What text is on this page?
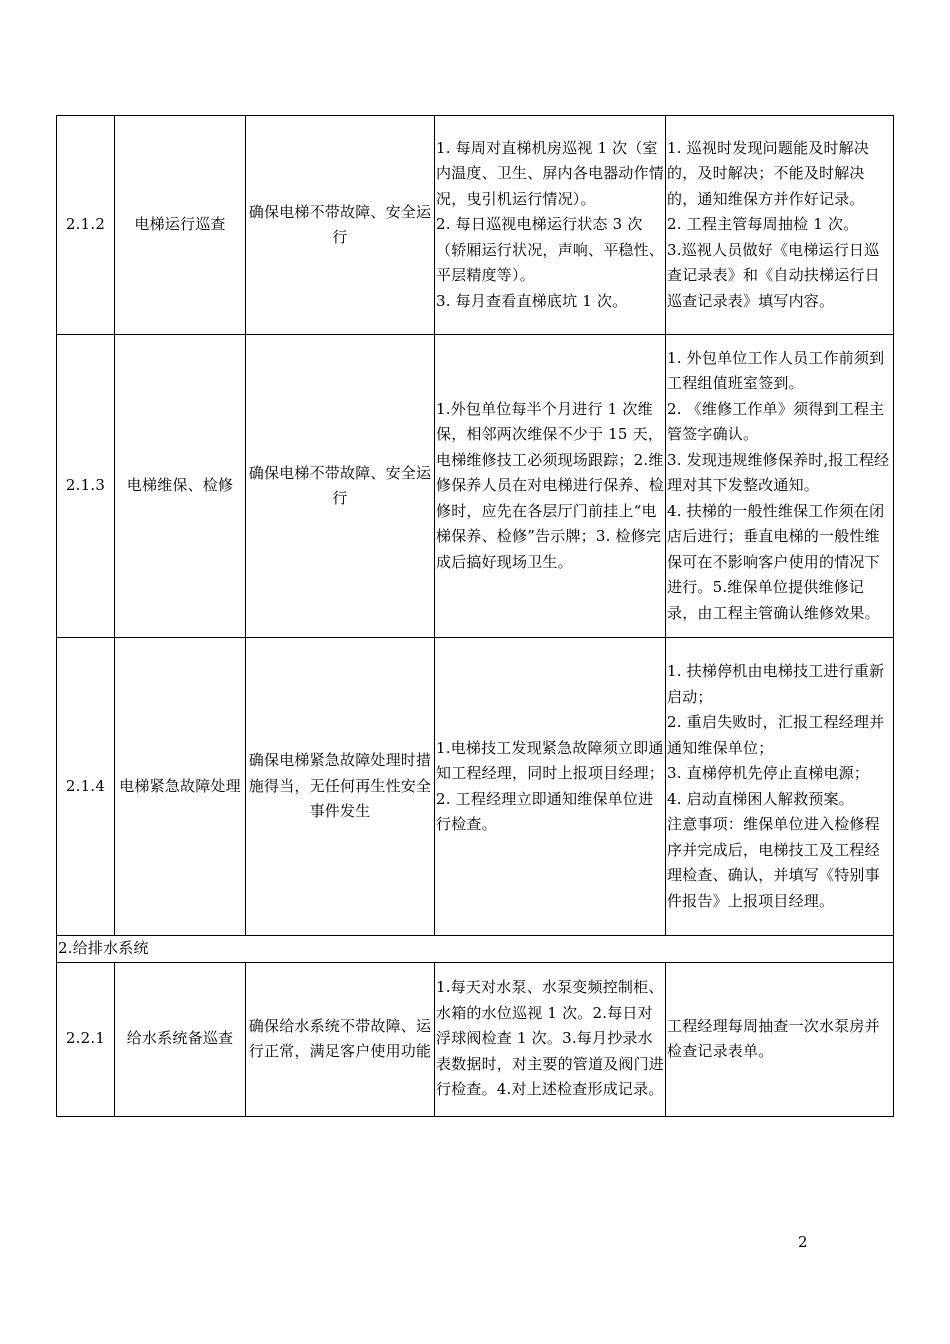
2.1.2	电梯运行巡查	确保电梯不带故障、安全运行	1. 每周对直梯机房巡视 1 次（室内温度、卫生、屏内各电器动作情况，曳引机运行情况）。
2. 每日巡视电梯运行状态 3 次（轿厢运行状况，声响、平稳性、平层精度等）。
3. 每月查看直梯底坑 1 次。	1. 巡视时发现问题能及时解决的，及时解决；不能及时解决的，通知维保方并作好记录。
2. 工程主管每周抽检 1 次。
3.巡视人员做好《电梯运行日巡查记录表》和《自动扶梯运行日巡查记录表》填写内容。

2.1.3	电梯维保、检修	确保电梯不带故障、安全运行	1.外包单位每半个月进行 1 次维保，相邻两次维保不少于 15 天，电梯维修技工必须现场跟踪；2.维修保养人员在对电梯进行保养、检修时，应先在各层厅门前挂上“电梯保养、检修”告示牌；3. 检修完成后搞好现场卫生。	1. 外包单位工作人员工作前须到工程组值班室签到。
2. 《维修工作单》须得到工程主管签字确认。
3. 发现违规维修保养时,报工程经理对其下发整改通知。
4. 扶梯的一般性维保工作须在闭店后进行；垂直电梯的一般性维保可在不影响客户使用的情况下进行。5.维保单位提供维修记录，由工程主管确认维修效果。

2.1.4	电梯紧急故障处理	确保电梯紧急故障处理时措施得当，无任何再生性安全事件发生	1.电梯技工发现紧急故障须立即通知工程经理，同时上报项目经理；2. 工程经理立即通知维保单位进行检查。	1. 扶梯停机由电梯技工进行重新启动；
2. 重启失败时，汇报工程经理并通知维保单位；
3. 直梯停机先停止直梯电源；
4. 启动直梯困人解救预案。
注意事项：维保单位进入检修程序并完成后，电梯技工及工程经理检查、确认，并填写《特别事件报告》上报项目经理。

2.给排水系统				
2.2.1	给水系统备巡查	确保给水系统不带故障、运行正常，满足客户使用功能	1.每天对水泵、水泵变频控制柜、水箱的水位巡视 1 次。2.每日对浮球阀检查 1 次。3.每月抄录水表数据时，对主要的管道及阀门进行检查。4.对上述检查形成记录。	工程经理每周抽查一次水泵房并检查记录表单。
2
